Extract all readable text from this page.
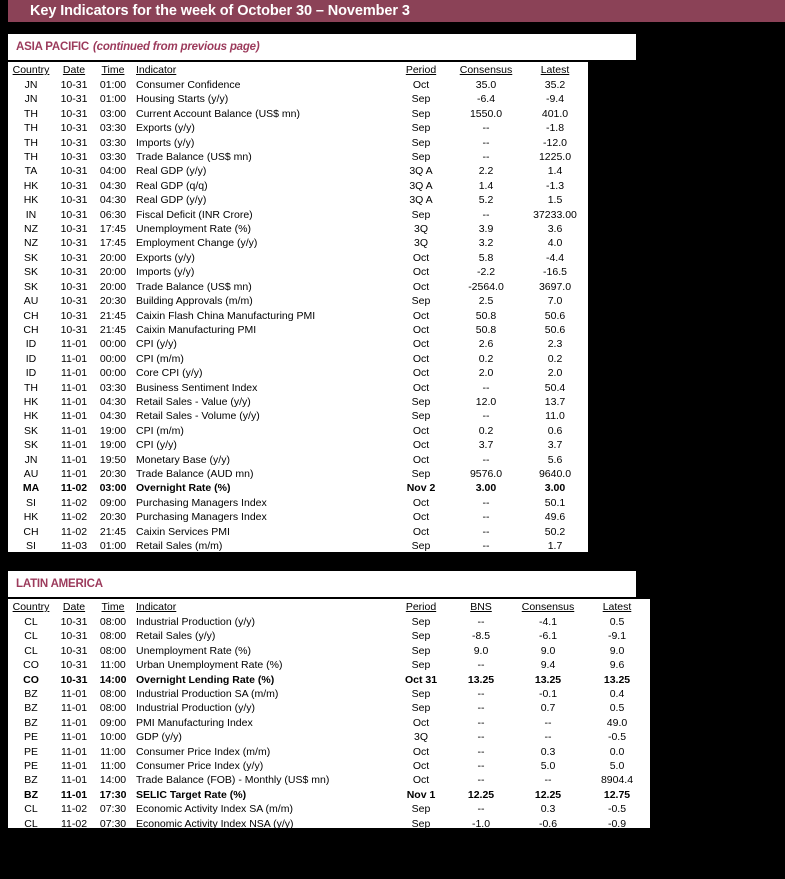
Key Indicators for the week of October 30 – November 3
ASIA PACIFIC (continued from previous page)
Country	Date	Time	Indicator	Period	Consensus	Latest
JN	10-31	01:00	Consumer Confidence	Oct	35.0	35.2
JN	10-31	01:00	Housing Starts (y/y)	Sep	-6.4	-9.4
TH	10-31	03:00	Current Account Balance (US$ mn)	Sep	1550.0	401.0
TH	10-31	03:30	Exports (y/y)	Sep	--	-1.8
TH	10-31	03:30	Imports (y/y)	Sep	--	-12.0
TH	10-31	03:30	Trade Balance (US$ mn)	Sep	--	1225.0
TA	10-31	04:00	Real GDP (y/y)	3Q A	2.2	1.4
HK	10-31	04:30	Real GDP (q/q)	3Q A	1.4	-1.3
HK	10-31	04:30	Real GDP (y/y)	3Q A	5.2	1.5
IN	10-31	06:30	Fiscal Deficit (INR Crore)	Sep	--	37233.00
NZ	10-31	17:45	Unemployment Rate (%)	3Q	3.9	3.6
NZ	10-31	17:45	Employment Change (y/y)	3Q	3.2	4.0
SK	10-31	20:00	Exports (y/y)	Oct	5.8	-4.4
SK	10-31	20:00	Imports (y/y)	Oct	-2.2	-16.5
SK	10-31	20:00	Trade Balance (US$ mn)	Oct	-2564.0	3697.0
AU	10-31	20:30	Building Approvals (m/m)	Sep	2.5	7.0
CH	10-31	21:45	Caixin Flash China Manufacturing PMI	Oct	50.8	50.6
CH	10-31	21:45	Caixin Manufacturing PMI	Oct	50.8	50.6
ID	11-01	00:00	CPI (y/y)	Oct	2.6	2.3
ID	11-01	00:00	CPI (m/m)	Oct	0.2	0.2
ID	11-01	00:00	Core CPI (y/y)	Oct	2.0	2.0
TH	11-01	03:30	Business Sentiment Index	Oct	--	50.4
HK	11-01	04:30	Retail Sales - Value (y/y)	Sep	12.0	13.7
HK	11-01	04:30	Retail Sales - Volume (y/y)	Sep	--	11.0
SK	11-01	19:00	CPI (m/m)	Oct	0.2	0.6
SK	11-01	19:00	CPI (y/y)	Oct	3.7	3.7
JN	11-01	19:50	Monetary Base (y/y)	Oct	--	5.6
AU	11-01	20:30	Trade Balance (AUD mn)	Sep	9576.0	9640.0
MA	11-02	03:00	Overnight Rate (%)	Nov 2	3.00	3.00
SI	11-02	09:00	Purchasing Managers Index	Oct	--	50.1
HK	11-02	20:30	Purchasing Managers Index	Oct	--	49.6
CH	11-02	21:45	Caixin Services PMI	Oct	--	50.2
SI	11-03	01:00	Retail Sales (m/m)	Sep	--	1.7
SI	11-03	01:00	Retail Sales (y/y)	Sep	--	4.0
LATIN AMERICA
Country	Date	Time	Indicator	Period	BNS	Consensus	Latest
CL	10-31	08:00	Industrial Production (y/y)	Sep	--	-4.1	0.5
CL	10-31	08:00	Retail Sales (y/y)	Sep	-8.5	-6.1	-9.1
CL	10-31	08:00	Unemployment Rate (%)	Sep	9.0	9.0	9.0
CO	10-31	11:00	Urban Unemployment Rate (%)	Sep	--	9.4	9.6
CO	10-31	14:00	Overnight Lending Rate (%)	Oct 31	13.25	13.25	13.25
BZ	11-01	08:00	Industrial Production SA (m/m)	Sep	--	-0.1	0.4
BZ	11-01	08:00	Industrial Production (y/y)	Sep	--	0.7	0.5
BZ	11-01	09:00	PMI Manufacturing Index	Oct	--	--	49.0
PE	11-01	10:00	GDP (y/y)	3Q	--	--	-0.5
PE	11-01	11:00	Consumer Price Index (m/m)	Oct	--	0.3	0.0
PE	11-01	11:00	Consumer Price Index (y/y)	Oct	--	5.0	5.0
BZ	11-01	14:00	Trade Balance (FOB) - Monthly (US$ mn)	Oct	--	--	8904.4
BZ	11-01	17:30	SELIC Target Rate (%)	Nov 1	12.25	12.25	12.75
CL	11-02	07:30	Economic Activity Index SA (m/m)	Sep	--	0.3	-0.5
CL	11-02	07:30	Economic Activity Index NSA (y/y)	Sep	-1.0	-0.6	-0.9
